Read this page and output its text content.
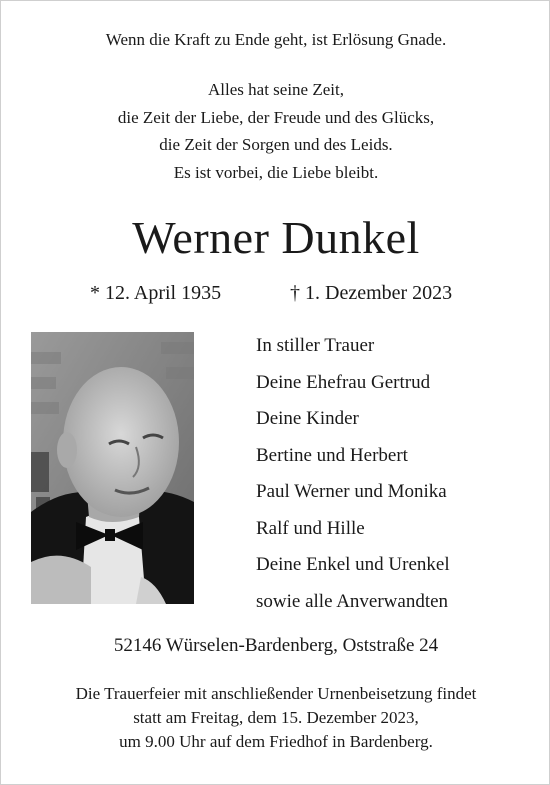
Wenn die Kraft zu Ende geht, ist Erlösung Gnade.
Alles hat seine Zeit,
die Zeit der Liebe, der Freude und des Glücks,
die Zeit der Sorgen und des Leids.
Es ist vorbei, die Liebe bleibt.
Werner Dunkel
* 12. April 1935	† 1. Dezember 2023
In stiller Trauer
Deine Ehefrau Gertrud
Deine Kinder
Bertine und Herbert
Paul Werner und Monika
Ralf und Hille
Deine Enkel und Urenkel
sowie alle Anverwandten
52146 Würselen-Bardenberg, Oststraße 24
Die Trauerfeier mit anschließender Urnenbeisetzung findet
statt am Freitag, dem 15. Dezember 2023,
um 9.00 Uhr auf dem Friedhof in Bardenberg.
